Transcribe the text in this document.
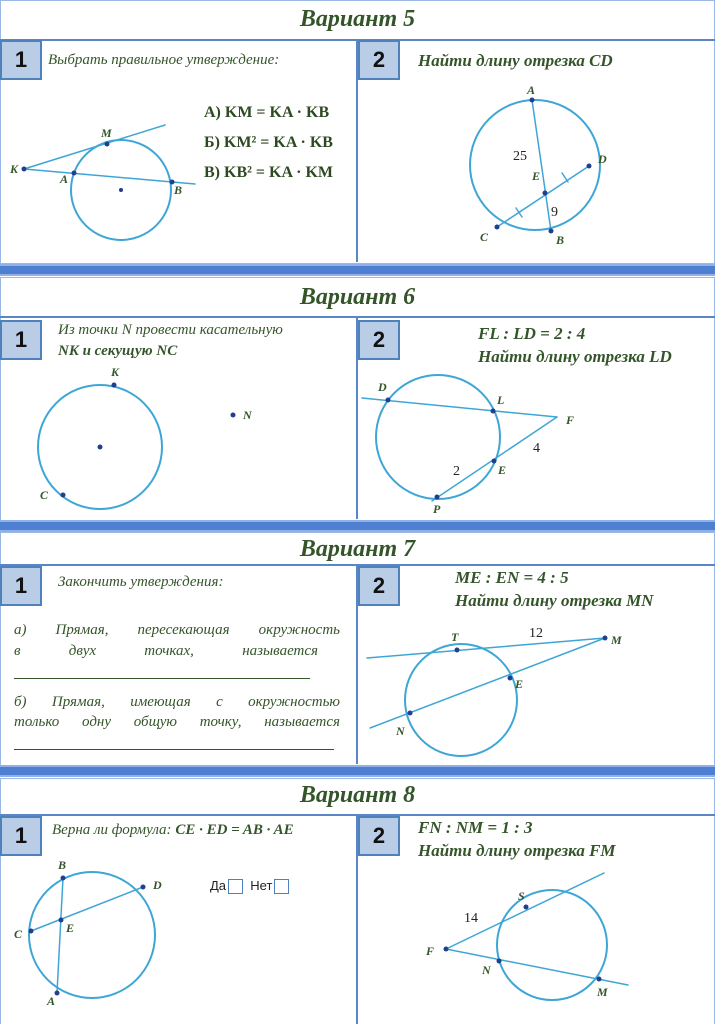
Вариант 5
1	Выбрать правильное утверждение:
А) KM = KA · KB
Б) KM² = KA · KB
В) KB² = KA · KM
2	Найти длину отрезка CD
Вариант 6
1	Из точки N провести касательную
NK и секущую NC	2	FL : LD = 2 : 4
Найти длину отрезка LD
Вариант 7
1	Закончить утверждения:
а) Прямая, пересекающая окружность
в двух точках, называется
б) Прямая, имеющая с окружностью
только одну общую точку, называется
2	ME : EN = 4 : 5
Найти длину отрезка MN
Вариант 8
1	Верна ли формула: CE · ED = AB · AE
Да Нет
2	FN : NM = 1 : 3
Найти длину отрезка FM
K
M
A
B
A
B
C
D
E
25
9
K
C
N
D
L
F
E
P
4
2
T	M
E
N
12
B
D
C	E
A
S
F
N
M
14
